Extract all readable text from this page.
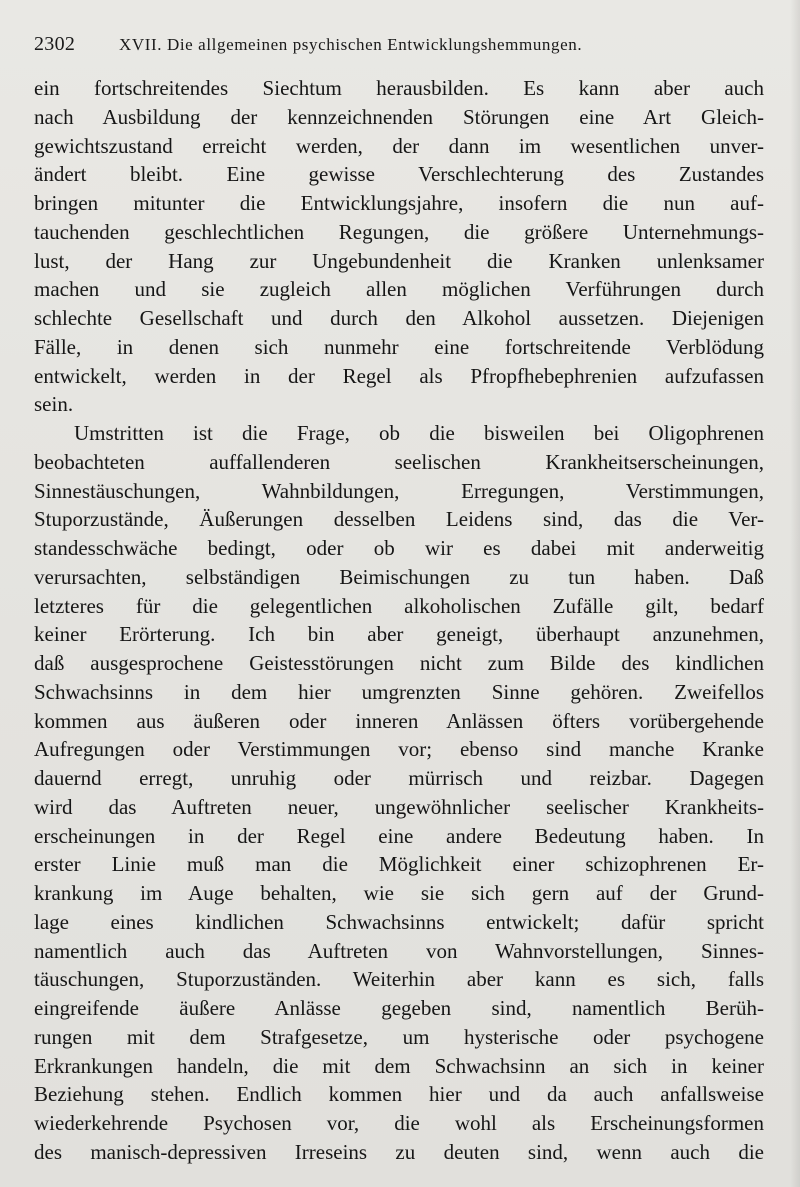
2302	XVII. Die allgemeinen psychischen Entwicklungshemmungen.
ein fortschreitendes Siechtum herausbilden. Es kann aber auch
nach Ausbildung der kennzeichnenden Störungen eine Art Gleich-
gewichtszustand erreicht werden, der dann im wesentlichen unver-
ändert bleibt. Eine gewisse Verschlechterung des Zustandes
bringen mitunter die Entwicklungsjahre, insofern die nun auf-
tauchenden geschlechtlichen Regungen, die größere Unternehmungs-
lust, der Hang zur Ungebundenheit die Kranken unlenksamer
machen und sie zugleich allen möglichen Verführungen durch
schlechte Gesellschaft und durch den Alkohol aussetzen. Diejenigen
Fälle, in denen sich nunmehr eine fortschreitende Verblödung
entwickelt, werden in der Regel als Pfropfhebephrenien aufzufassen
sein.
Umstritten ist die Frage, ob die bisweilen bei Oligophrenen
beobachteten auffallenderen seelischen Krankheitserscheinungen,
Sinnestäuschungen, Wahnbildungen, Erregungen, Verstimmungen,
Stuporzustände, Äußerungen desselben Leidens sind, das die Ver-
standesschwäche bedingt, oder ob wir es dabei mit anderweitig
verursachten, selbständigen Beimischungen zu tun haben. Daß
letzteres für die gelegentlichen alkoholischen Zufälle gilt, bedarf
keiner Erörterung. Ich bin aber geneigt, überhaupt anzunehmen,
daß ausgesprochene Geistesstörungen nicht zum Bilde des kindlichen
Schwachsinns in dem hier umgrenzten Sinne gehören. Zweifellos
kommen aus äußeren oder inneren Anlässen öfters vorübergehende
Aufregungen oder Verstimmungen vor; ebenso sind manche Kranke
dauernd erregt, unruhig oder mürrisch und reizbar. Dagegen
wird das Auftreten neuer, ungewöhnlicher seelischer Krankheits-
erscheinungen in der Regel eine andere Bedeutung haben. In
erster Linie muß man die Möglichkeit einer schizophrenen Er-
krankung im Auge behalten, wie sie sich gern auf der Grund-
lage eines kindlichen Schwachsinns entwickelt; dafür spricht
namentlich auch das Auftreten von Wahnvorstellungen, Sinnes-
täuschungen, Stuporzuständen. Weiterhin aber kann es sich, falls
eingreifende äußere Anlässe gegeben sind, namentlich Berüh-
rungen mit dem Strafgesetze, um hysterische oder psychogene
Erkrankungen handeln, die mit dem Schwachsinn an sich in keiner
Beziehung stehen. Endlich kommen hier und da auch anfallsweise
wiederkehrende Psychosen vor, die wohl als Erscheinungsformen
des manisch-depressiven Irreseins zu deuten sind, wenn auch die
